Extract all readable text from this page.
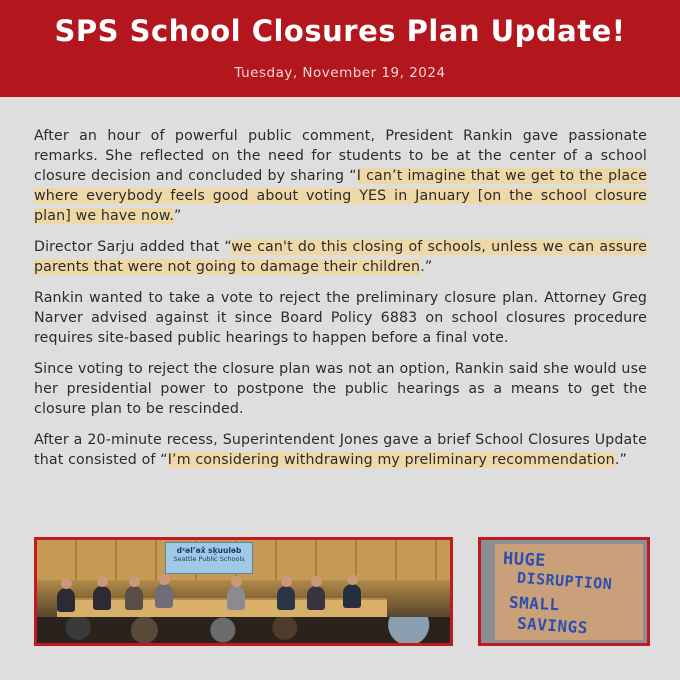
SPS School Closures Plan Update!
Tuesday, November 19, 2024

After an hour of powerful public comment, President Rankin gave passionate remarks. She reflected on the need for students to be at the center of a school closure decision and concluded by sharing “I can’t imagine that we get to the place where everybody feels good about voting YES in January [on the school closure plan] we have now.”

Director Sarju added that “we can't do this closing of schools, unless we can assure parents that were not going to damage their children.”

Rankin wanted to take a vote to reject the preliminary closure plan. Attorney Greg Narver advised against it since Board Policy 6883 on school closures procedure requires site-based public hearings to happen before a final vote.

Since voting to reject the closure plan was not an option, Rankin said she would use her presidential power to postpone the public hearings as a means to get the closure plan to be rescinded.

After a 20-minute recess, Superintendent Jones gave a brief School Closures Update that consisted of “I’m considering withdrawing my preliminary recommendation.”

dᶻəlʼəx̌ sḵuuləb
Seattle Public Schools	HUGE
DISRUPTION
SMALL
SAVINGS
